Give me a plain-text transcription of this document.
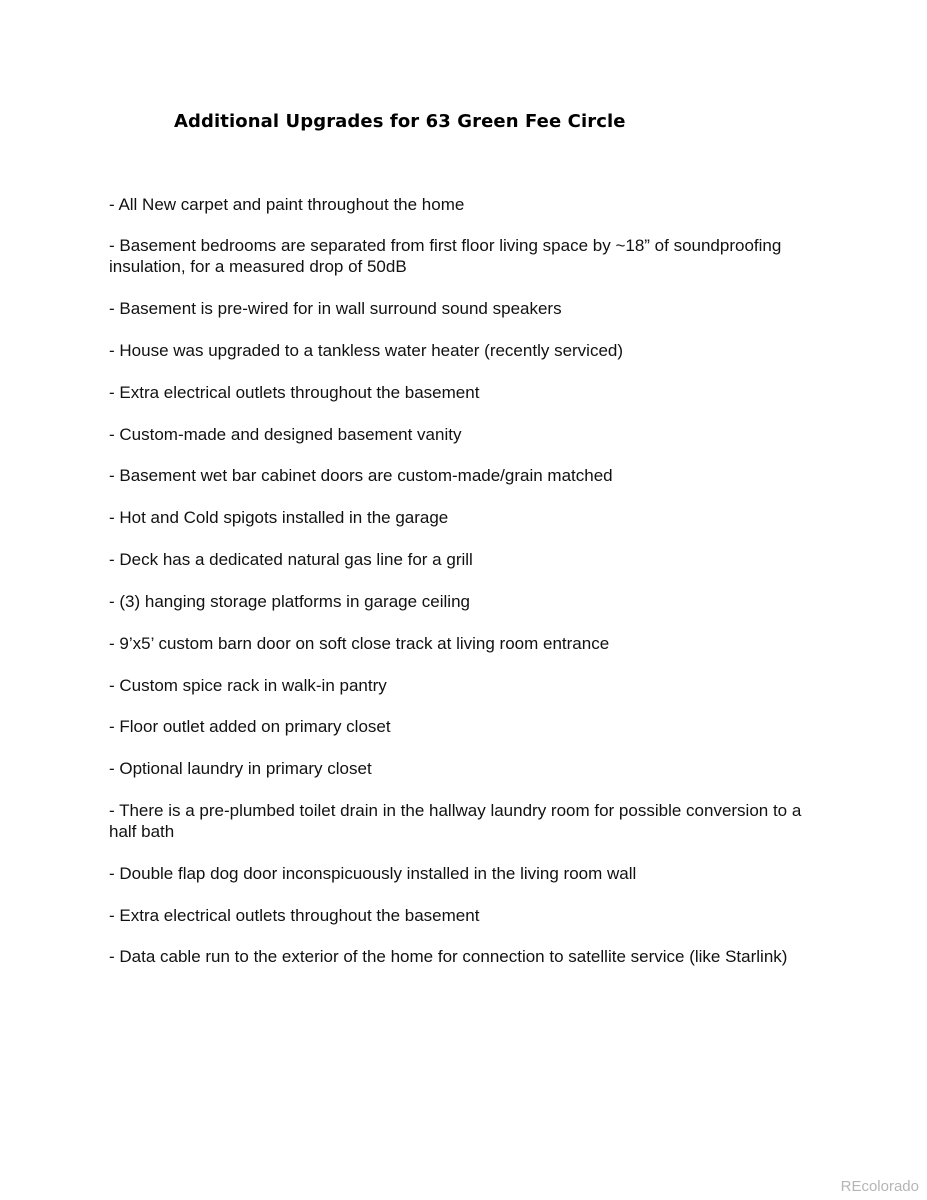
Additional Upgrades for 63 Green Fee Circle
- All New carpet and paint throughout the home
- Basement bedrooms are separated from first floor living space by ~18” of soundproofing insulation, for a measured drop of 50dB
- Basement is pre-wired for in wall surround sound speakers
- House was upgraded to a tankless water heater (recently serviced)
- Extra electrical outlets throughout the basement
- Custom-made and designed basement vanity
- Basement wet bar cabinet doors are custom-made/grain matched
- Hot and Cold spigots installed in the garage
- Deck has a dedicated natural gas line for a grill
- (3) hanging storage platforms in garage ceiling
- 9’x5’ custom barn door on soft close track at living room entrance
- Custom spice rack in walk-in pantry
- Floor outlet added on primary closet
- Optional laundry in primary closet
- There is a pre-plumbed toilet drain in the hallway laundry room for possible conversion to a half bath
- Double flap dog door inconspicuously installed in the living room wall
- Extra electrical outlets throughout the basement
- Data cable run to the exterior of the home for connection to satellite service (like Starlink)
REcolorado
